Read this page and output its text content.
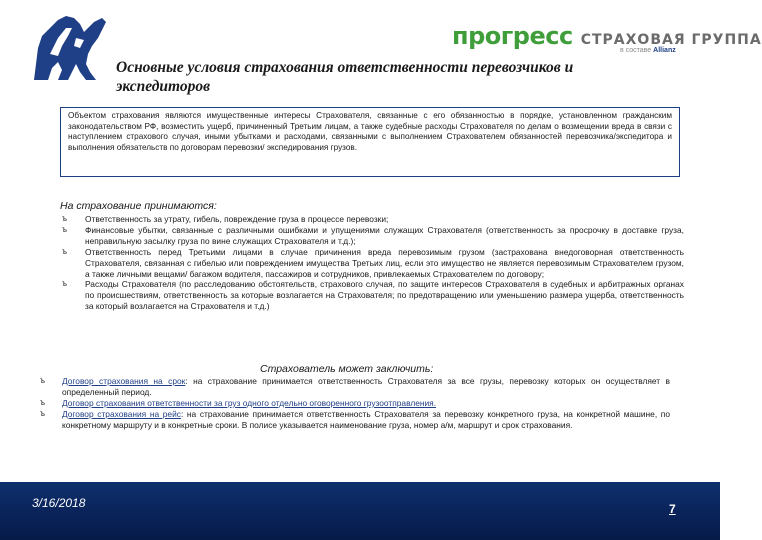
прогресс СТРАХОВАЯ ГРУППА
в составе Allianz
Основные условия страхования ответственности перевозчиков и экспедиторов
Объектом страхования являются имущественные интересы Страхователя, связанные с его обязанностью в порядке, установленном гражданским законодательством РФ, возместить ущерб, причиненный Третьим лицам, а также судебные расходы Страхователя по делам о возмещении вреда в связи с наступлением страхового случая, иными убытками и расходами, связанными с выполнением Страхователем обязанностей перевозчика/экспедитора и выполнения обязательств по договорам перевозки/ экспедирования грузов.
На страхование принимаются:
ъ Ответственность за утрату, гибель, повреждение груза в процессе перевозки;
ъ Финансовые убытки, связанные с различными ошибками и упущениями служащих Страхователя (ответственность за просрочку в доставке груза, неправильную засылку груза по вине служащих Страхователя и т.д.);
ъ Ответственность перед Третьими лицами в случае причинения вреда перевозимым грузом (застрахована внедоговорная ответственность Страхователя, связанная с гибелью или повреждением имущества Третьих лиц, если это имущество не является перевозимым Страхователем грузом, а также личными вещами/ багажом водителя, пассажиров и сотрудников, привлекаемых Страхователем по договору;
ъ Расходы Страхователя (по расследованию обстоятельств, страхового случая, по защите интересов Страхователя в судебных и арбитражных органах по происшествиям, ответственность за которые возлагается на Страхователя; по предотвращению или уменьшению размера ущерба, ответственность за который возлагается на Страхователя и т.д.)
Страхователь может заключить:
ъ Договор страхования на срок: на страхование принимается ответственность Страхователя за все грузы, перевозку которых он осуществляет в определенный период.
ъ Договор страхования ответственности за груз одного отдельно оговоренного грузоотправления.
ъ Договор страхования на рейс: на страхование принимается ответственность Страхователя за перевозку конкретного груза, на конкретной машине, по конкретному маршруту и в конкретные сроки. В полисе указывается наименование груза, номер а/м, маршрут и срок страхования.
3/16/2018	7
